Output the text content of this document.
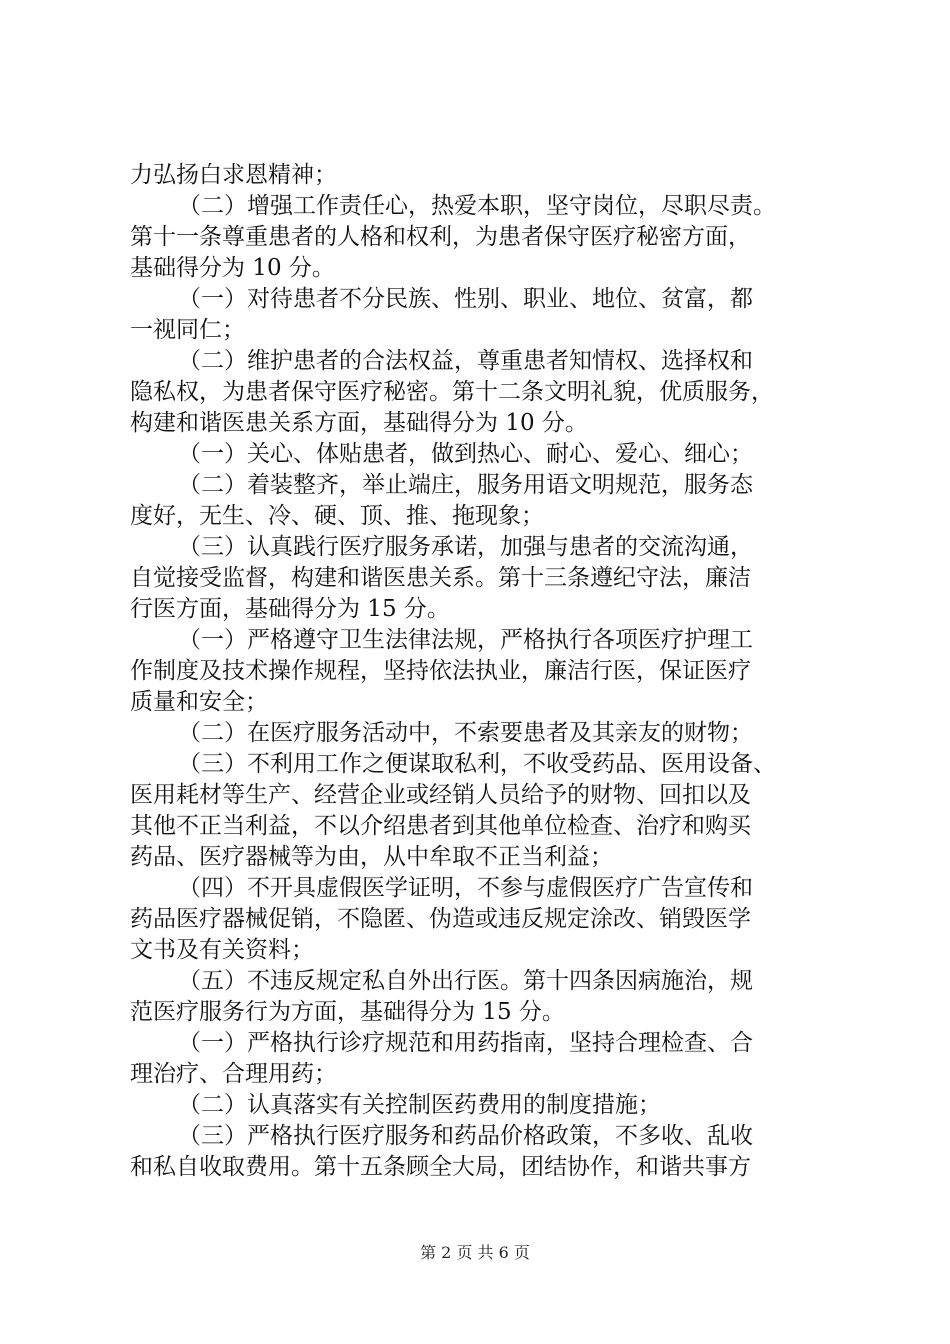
力弘扬白求恩精神；
（二）增强工作责任心，热爱本职，坚守岗位，尽职尽责。
第十一条尊重患者的人格和权利，为患者保守医疗秘密方面，
基础得分为 10 分。
（一）对待患者不分民族、性别、职业、地位、贫富，都
一视同仁；
（二）维护患者的合法权益，尊重患者知情权、选择权和
隐私权，为患者保守医疗秘密。第十二条文明礼貌，优质服务，
构建和谐医患关系方面，基础得分为 10 分。
（一）关心、体贴患者，做到热心、耐心、爱心、细心；
（二）着装整齐，举止端庄，服务用语文明规范，服务态
度好，无生、冷、硬、顶、推、拖现象；
（三）认真践行医疗服务承诺，加强与患者的交流沟通，
自觉接受监督，构建和谐医患关系。第十三条遵纪守法，廉洁
行医方面，基础得分为 15 分。
（一）严格遵守卫生法律法规，严格执行各项医疗护理工
作制度及技术操作规程，坚持依法执业，廉洁行医，保证医疗
质量和安全；
（二）在医疗服务活动中，不索要患者及其亲友的财物；
（三）不利用工作之便谋取私利，不收受药品、医用设备、
医用耗材等生产、经营企业或经销人员给予的财物、回扣以及
其他不正当利益，不以介绍患者到其他单位检查、治疗和购买
药品、医疗器械等为由，从中牟取不正当利益；
（四）不开具虚假医学证明，不参与虚假医疗广告宣传和
药品医疗器械促销，不隐匿、伪造或违反规定涂改、销毁医学
文书及有关资料；
（五）不违反规定私自外出行医。第十四条因病施治，规
范医疗服务行为方面，基础得分为 15 分。
（一）严格执行诊疗规范和用药指南，坚持合理检查、合
理治疗、合理用药；
（二）认真落实有关控制医药费用的制度措施；
（三）严格执行医疗服务和药品价格政策，不多收、乱收
和私自收取费用。第十五条顾全大局，团结协作，和谐共事方
第 2 页 共 6 页
